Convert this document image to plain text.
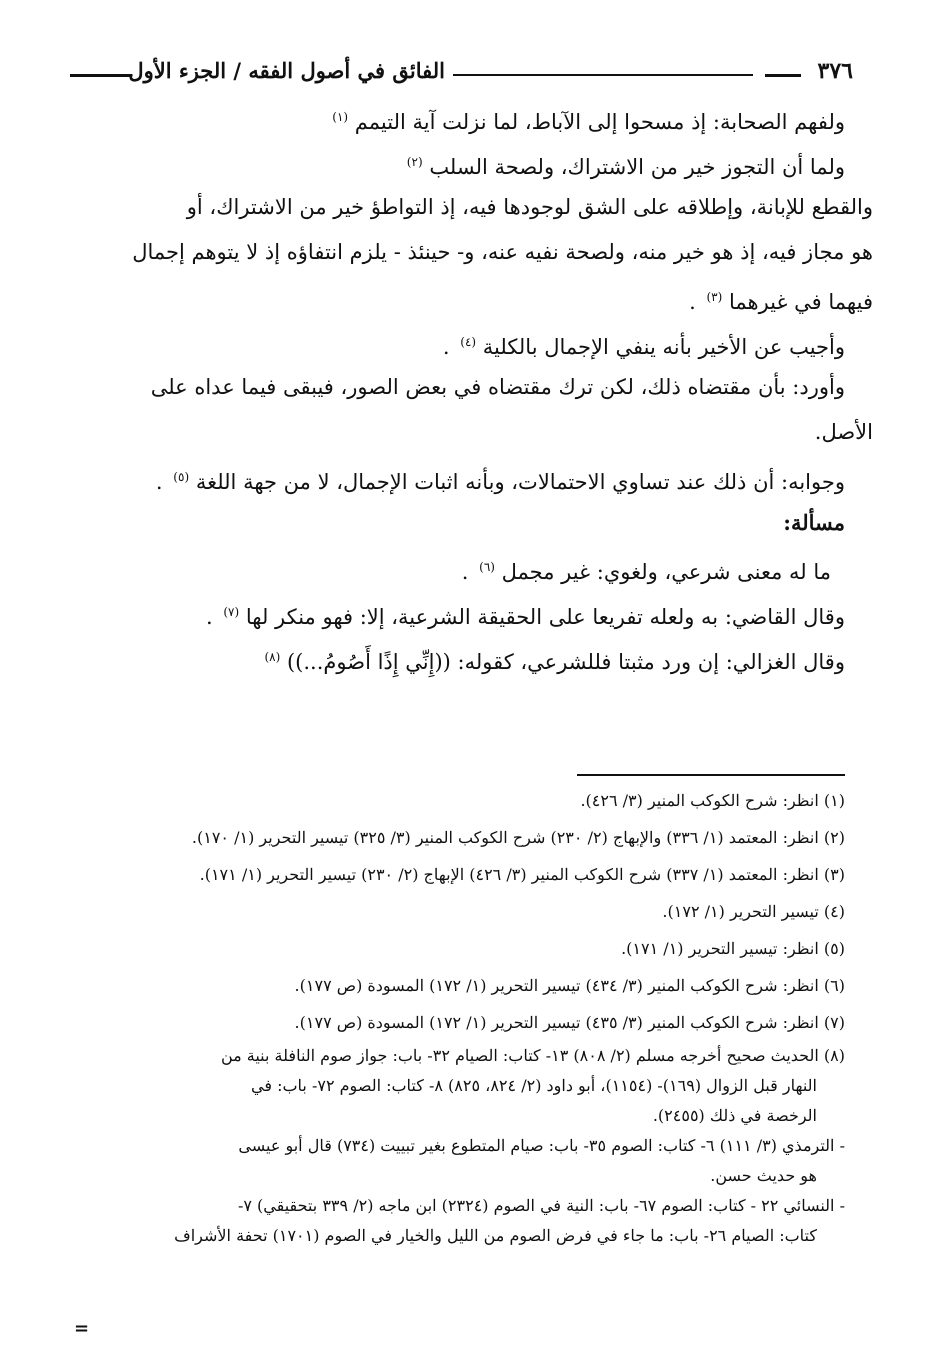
٣٧٦
الفائق في أصول الفقه / الجزء الأول
ولفهم الصحابة: إذ مسحوا إلى الآباط، لما نزلت آية التيمم $^{(١)}$
ولما أن التجوز خير من الاشتراك، ولصحة السلب $^{(٢)}$
والقطع للإبانة، وإطلاقه على الشق لوجودها فيه، إذ التواطؤ خير من الاشتراك، أو
هو مجاز فيه، إذ هو خير منه، ولصحة نفيه عنه، و- حينئذ - يلزم انتفاؤه إذ لا يتوهم إجمال
فيهما في غيرهما $^{(٣)}$ .
وأجيب عن الأخير بأنه ينفي الإجمال بالكلية $^{(٤)}$ .
وأورد: بأن مقتضاه ذلك، لكن ترك مقتضاه في بعض الصور، فيبقى فيما عداه على
الأصل.
وجوابه: أن ذلك عند تساوي الاحتمالات، وبأنه اثبات الإجمال، لا من جهة اللغة $^{(٥)}$ .
مسألة:
ما له معنى شرعي، ولغوي: غير مجمل $^{(٦)}$ .
وقال القاضي: به ولعله تفريعا على الحقيقة الشرعية، إلا: فهو منكر لها $^{(٧)}$ .
وقال الغزالي: إن ورد مثبتا فللشرعي، كقوله: ((إِنِّي إِذًا أَصُومُ...)) $^{(٨)}$
(١) انظر: شرح الكوكب المنير (٣/ ٤٢٦).
(٢) انظر: المعتمد (١/ ٣٣٦) والإبهاج (٢/ ٢٣٠) شرح الكوكب المنير (٣/ ٣٢٥) تيسير التحرير (١/ ١٧٠).
(٣) انظر: المعتمد (١/ ٣٣٧) شرح الكوكب المنير (٣/ ٤٢٦) الإبهاج (٢/ ٢٣٠) تيسير التحرير (١/ ١٧١).
(٤) تيسير التحرير (١/ ١٧٢).
(٥) انظر: تيسير التحرير (١/ ١٧١).
(٦) انظر: شرح الكوكب المنير (٣/ ٤٣٤) تيسير التحرير (١/ ١٧٢) المسودة (ص ١٧٧).
(٧) انظر: شرح الكوكب المنير (٣/ ٤٣٥) تيسير التحرير (١/ ١٧٢) المسودة (ص ١٧٧).
(٨) الحديث صحيح أخرجه مسلم (٢/ ٨٠٨) ١٣- كتاب: الصيام ٣٢- باب: جواز صوم النافلة بنية من
النهار قبل الزوال (١٦٩)- (١١٥٤)، أبو داود (٢/ ٨٢٤، ٨٢٥) ٨- كتاب: الصوم ٧٢- باب: في
الرخصة في ذلك (٢٤٥٥).
- الترمذي (٣/ ١١١) ٦- كتاب: الصوم ٣٥- باب: صيام المتطوع بغير تبييت (٧٣٤) قال أبو عيسى
هو حديث حسن.
- النسائي ٢٢ - كتاب: الصوم ٦٧- باب: النية في الصوم (٢٣٢٤) ابن ماجه (٢/ ٣٣٩ بتحقيقي) ٧-
كتاب: الصيام ٢٦- باب: ما جاء في فرض الصوم من الليل والخيار في الصوم (١٧٠١) تحفة الأشراف
=
